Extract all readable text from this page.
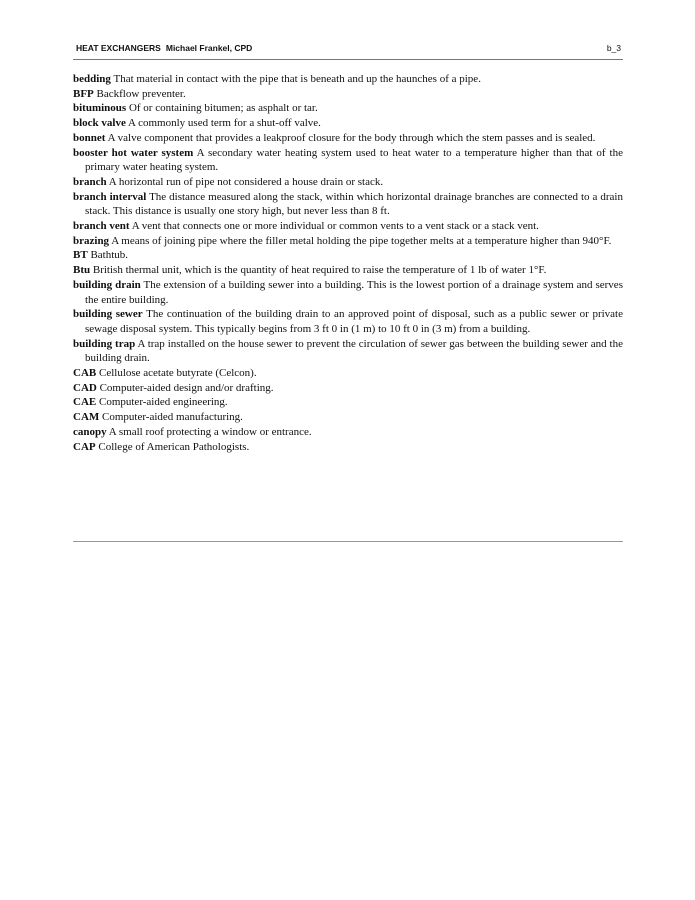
HEAT EXCHANGERS Michael Frankel, CPD	b_3

bedding That material in contact with the pipe that is beneath and up the haunches of a pipe.

BFP Backflow preventer.

bituminous Of or containing bitumen; as asphalt or tar.

block valve A commonly used term for a shut-off valve.

bonnet A valve component that provides a leakproof closure for the body through which the stem passes and is sealed.

booster hot water system A secondary water heating system used to heat water to a temperature higher than that of the primary water heating system.

branch A horizontal run of pipe not considered a house drain or stack.

branch interval The distance measured along the stack, within which horizontal drainage branches are connected to a drain stack. This distance is usually one story high, but never less than 8 ft.

branch vent A vent that connects one or more individual or common vents to a vent stack or a stack vent.

brazing A means of joining pipe where the filler metal holding the pipe together melts at a temperature higher than 940°F.

BT Bathtub.

Btu British thermal unit, which is the quantity of heat required to raise the temperature of 1 lb of water 1°F.

building drain The extension of a building sewer into a building. This is the lowest portion of a drainage system and serves the entire building.

building sewer The continuation of the building drain to an approved point of disposal, such as a public sewer or private sewage disposal system. This typically begins from 3 ft 0 in (1 m) to 10 ft 0 in (3 m) from a building.

building trap A trap installed on the house sewer to prevent the circulation of sewer gas between the building sewer and the building drain.

CAB Cellulose acetate butyrate (Celcon).

CAD Computer-aided design and/or drafting.

CAE Computer-aided engineering.

CAM Computer-aided manufacturing.

canopy A small roof protecting a window or entrance.

CAP College of American Pathologists.
